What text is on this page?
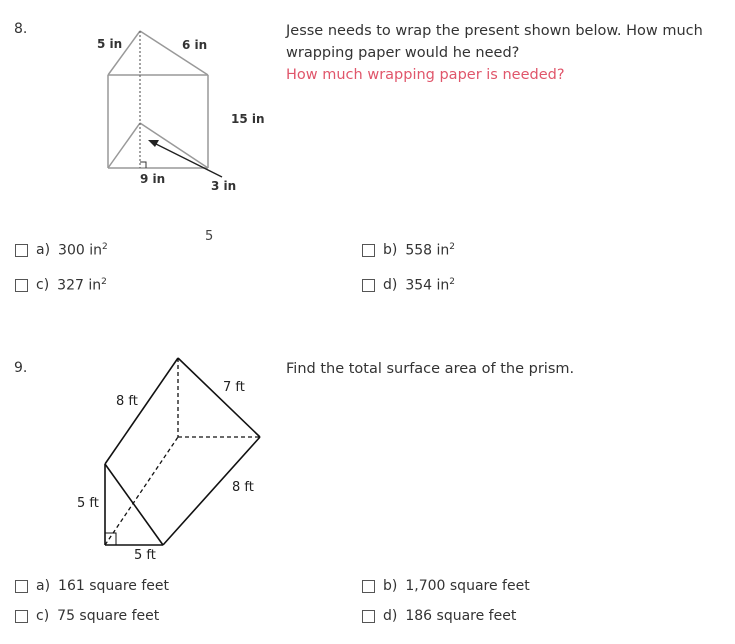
8.
5 in	6 in
15 in
9 in	3 in
5
Jesse needs to wrap the present shown below. How much wrapping paper would he need?
How much wrapping paper is needed?
a) 300 $in^2$	b) 558 $in^2$
c) 327 $in^2$	d) 354 $in^2$
9.
8 ft
7 ft
8 ft
5 ft
5 ft
Find the total surface area of the prism.
a) 161 square feet	b) 1,700 square feet
c) 75 square feet	d) 186 square feet
